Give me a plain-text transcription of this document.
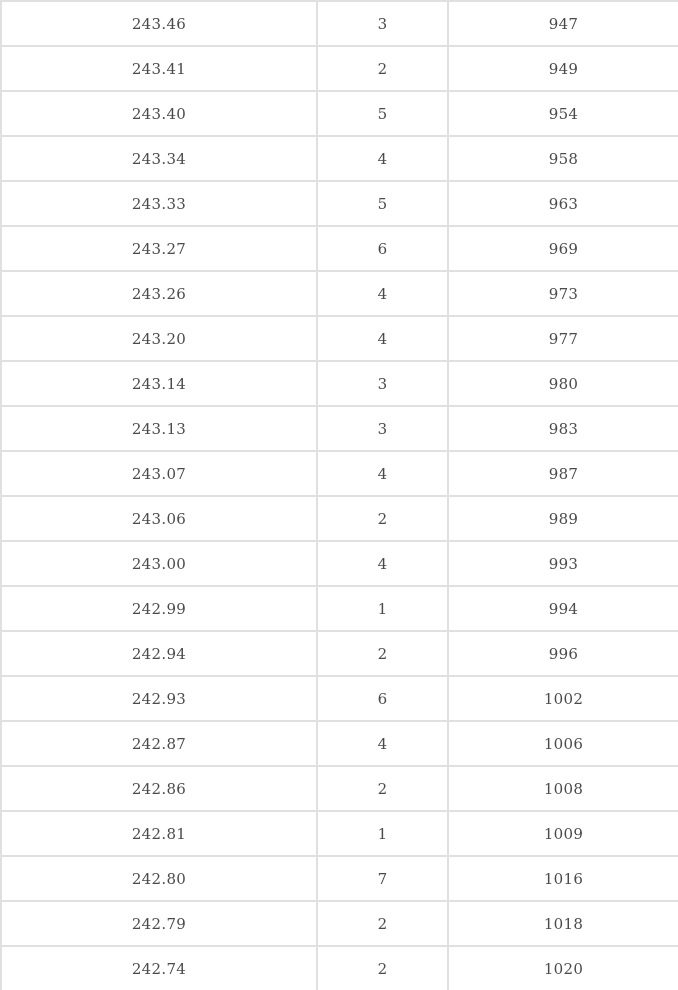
243.46	3	947
243.41	2	949
243.40	5	954
243.34	4	958
243.33	5	963
243.27	6	969
243.26	4	973
243.20	4	977
243.14	3	980
243.13	3	983
243.07	4	987
243.06	2	989
243.00	4	993
242.99	1	994
242.94	2	996
242.93	6	1002
242.87	4	1006
242.86	2	1008
242.81	1	1009
242.80	7	1016
242.79	2	1018
242.74	2	1020
